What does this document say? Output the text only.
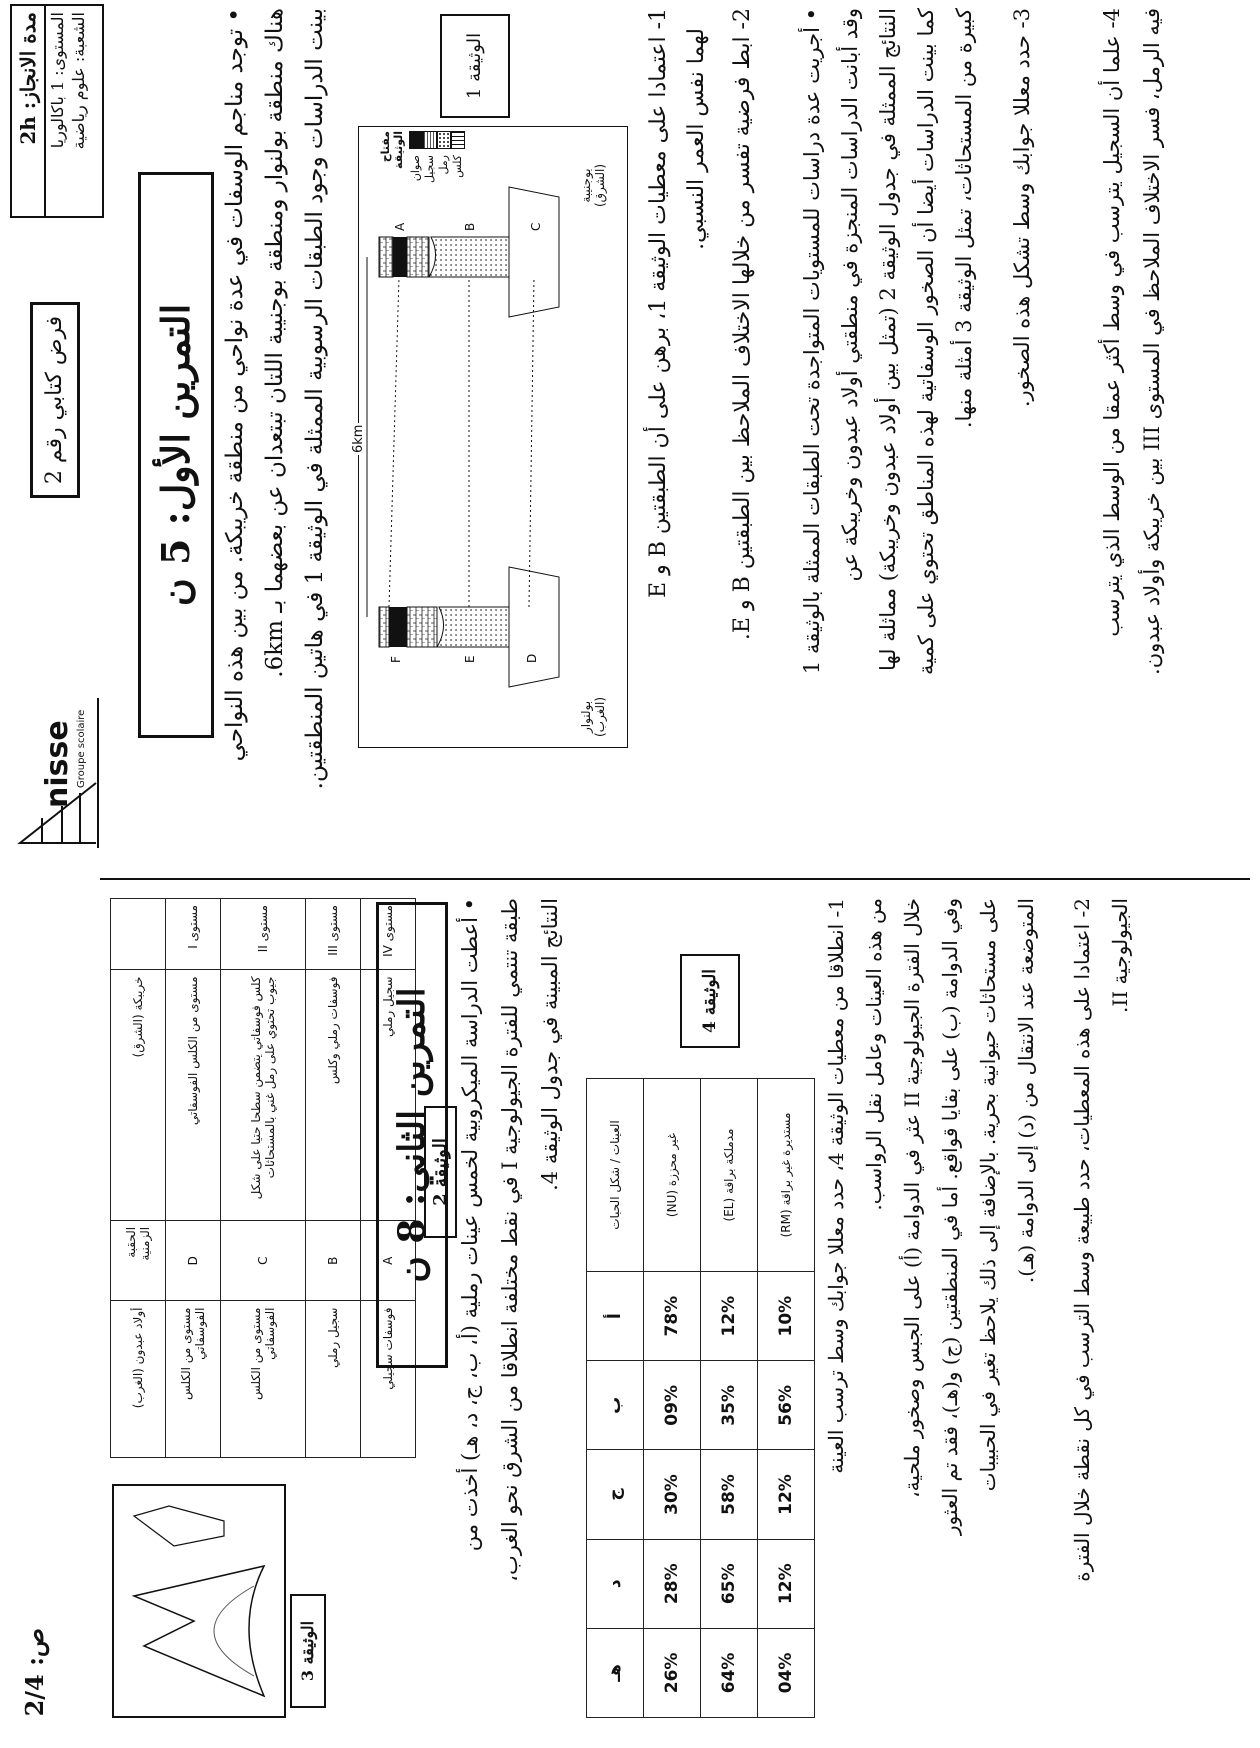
مدة الانجاز: 2h
المستوى: 1 باكالوريا الشعبة: علوم رياضية
فرض كتابي رقم 2
nisse Groupe scolaire
التمرين الأول: 5 ن
الوثيقة 1
• توجد مناجم الوسفات في عدة نواحي من منطقة خريبكة. من بين هذه النواحي هناك منطقة بولنوار ومنطقة بوجنيبة اللتان تبتعدان عن بعضهما بـ 6km.
بينت الدراسات وجود الطبقات الرسوبية الممثلة في الوثيقة 1 في هاتين المنطقتين. 6km
F	E	D
A	B	C
بولنوار
(الغرب)
بوجنيبة
(الشرق)
مفتاح الوثيقة صوان سجيل رمل كلس
1- اعتمادا على معطيات الوثيقة 1، برهن على أن الطبقتين B و E
لهما نفس العمر النسبي.
2- ابط فرضية تفسر من خلالها الاختلاف الملاحظ بين الطبقتين B و E.
• أجريت عدة دراسات للمستويات المتواجدة تحت الطبقات الممثلة بالوثيقة 1 وقد أبانت الدراسات المنجزة في منطقتي أولاد عبدون وخريبكة عن النتائج الممثلة في جدول الوثيقة 2 (تمثل بين أولاد عبدون وخريبكة) مماثلة لها كما بينت الدراسات أيضا أن الصخور الوسفاتية لهذه المناطق تحتوي على كمية كبيرة من المستحاثات، تمثل الوثيقة 3 أمثلة منها. 3- حدد معللا جوابك وسط تشكل هذه الصخور.
4- علما أن السجيل يترسب في وسط أكثر عمقا من الوسط الذي يترسب
فيه الرمل، فسر الاختلاف الملاحظ في المستوى III بين خريبكة وأولاد عبدون.
ص: 2/4
الوثيقة 3
أولاد عبدون (الغرب)	الحقبة الزمنية	خريبكة (الشرق)	
مستوى من الكلس الفوسفاتي	D	مستوى من الكلس الفوسفاتي	مستوى I
مستوى من الكلس الفوسفاتي	C	كلس فوسفاتي يتضمن سطحا حتيا على شكل جيوب تحتوي على رمل غني بالمستحاثات	مستوى II
سجيل رملي	B	فوسفات رملي وكلس	مستوى III
فوسفات سجيلي	A	سجيل رملي	مستوى IV
الوثيقة 2
التمرين الثاني: 8 ن	• أعطت الدراسة الميكروبية لخمس عينات رملية (أ، ب، ج، د، هـ) أخذت من طبقة تنتمي للفترة الجيولوجية I في نقط مختلفة انطلاقا من الشرق نحو الغرب،
النتائج المبينة في جدول الوثيقة 4.
هـ	د	ج	ب	أ	العينات / شكل الحبات
26%	28%	30%	09%	78%	غير محززة (NU)
64%	65%	58%	35%	12%	مدملكة براقة (EL)
04%	12%	12%	56%	10%	مستديرة غير براقة (RM)
الوثيقة 4
1- انطلاقا من معطيات الوثيقة 4، حدد معللا جوابك وسط ترسب العينة من هذه العينات وعامل نقل الرواسب.
خلال الفترة الجيولوجية II عثر في الدوامة (أ) على الجبس وصخور ملحية، وفي الدوامة (ب) على بقايا قواقع. أما في المنطقتين (ج) و(هـ)، فقد تم العثور على مستحاثات حيوانية بحرية. بالإضافة إلى ذلك يلاحظ تغير في الحبيبات المتوضعة عند الانتقال من (د) إلى الدوامة (هـ). 2- اعتمادا على هذه المعطيات، حدد طبيعة وسط الترسب في كل نقطة خلال الفترة
الجيولوجية II.
